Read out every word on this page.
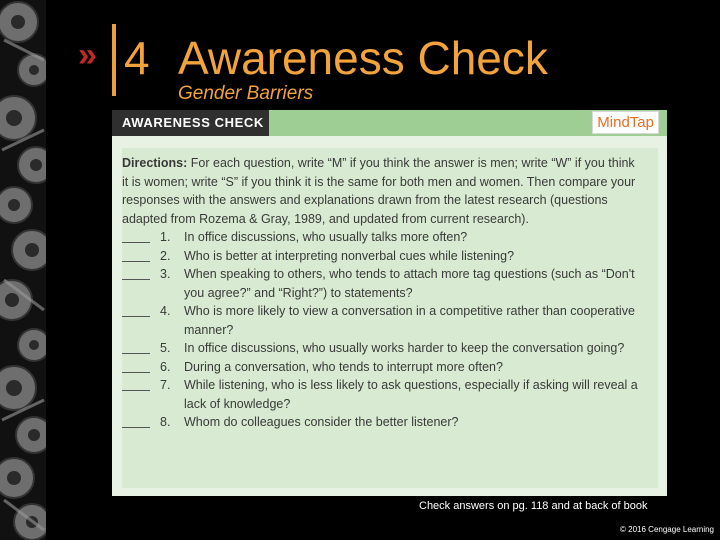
» 4 Awareness Check
Gender Barriers
AWARENESS CHECK	MindTap
Directions: For each question, write “M” if you think the answer is men; write “W” if you think it is women; write “S” if you think it is the same for both men and women. Then compare your responses with the answers and explanations drawn from the latest research (questions adapted from Rozema & Gray, 1989, and updated from current research).
1. In office discussions, who usually talks more often?
2. Who is better at interpreting nonverbal cues while listening?
3. When speaking to others, who tends to attach more tag questions (such as “Don't you agree?” and “Right?”) to statements?
4. Who is more likely to view a conversation in a competitive rather than cooperative manner?
5. In office discussions, who usually works harder to keep the conversation going?
6. During a conversation, who tends to interrupt more often?
7. While listening, who is less likely to ask questions, especially if asking will reveal a lack of knowledge?
8. Whom do colleagues consider the better listener?
Check answers on pg. 118 and at back of book
© 2016 Cengage Learning
